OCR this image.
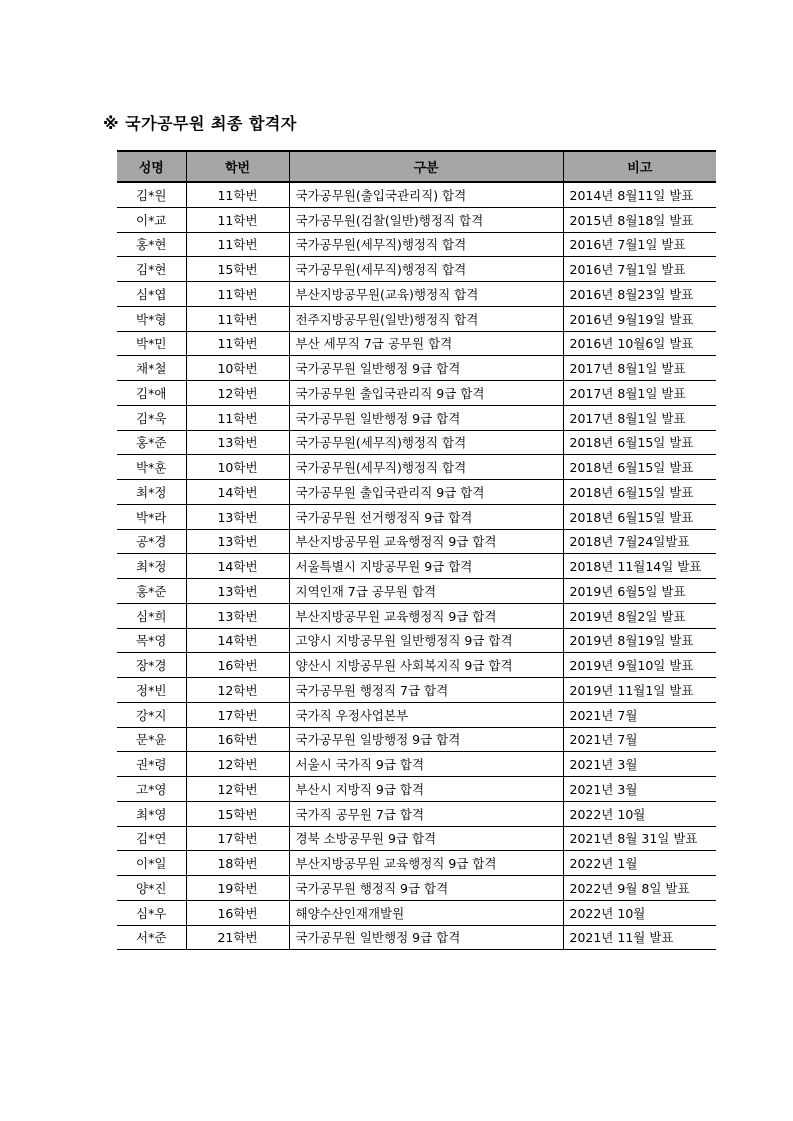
※ 국가공무원 최종 합격자
성명	학번	구분	비고
김*원	11학번	국가공무원(출입국관리직) 합격	2014년 8월11일 발표
이*교	11학번	국가공무원(검찰(일반)행정직 합격	2015년 8월18일 발표
홍*현	11학번	국가공무원(세무직)행정직 합격	2016년 7월1일 발표
김*현	15학번	국가공무원(세무직)행정직 합격	2016년 7월1일 발표
심*엽	11학번	부산지방공무원(교육)행정직 합격	2016년 8월23일 발표
박*형	11학번	전주지방공무원(일반)행정직 합격	2016년 9월19일 발표
박*민	11학번	부산 세무직 7급 공무원 합격	2016년 10월6일 발표
채*철	10학번	국가공무원 일반행정 9급 합격	2017년 8월1일 발표
김*애	12학번	국가공무원 출입국관리직 9급 합격	2017년 8월1일 발표
김*욱	11학번	국가공무원 일반행정 9급 합격	2017년 8월1일 발표
홍*준	13학번	국가공무원(세무직)행정직 합격	2018년 6월15일 발표
박*훈	10학번	국가공무원(세무직)행정직 합격	2018년 6월15일 발표
최*정	14학번	국가공무원 출입국관리직 9급 합격	2018년 6월15일 발표
박*라	13학번	국가공무원 선거행정직 9급 합격	2018년 6월15일 발표
공*경	13학번	부산지방공무원 교육행정직 9급 합격	2018년 7월24일발표
최*정	14학번	서울특별시 지방공무원 9급 합격	2018년 11월14일 발표
홍*준	13학번	지역인재 7급 공무원 합격	2019년 6월5일 발표
심*희	13학번	부산지방공무원 교육행정직 9급 합격	2019년 8월2일 발표
목*영	14학번	고양시 지방공무원 일반행정직 9급 합격	2019년 8월19일 발표
장*경	16학번	양산시 지방공무원 사회복지직 9급 합격	2019년 9월10일 발표
정*빈	12학번	국가공무원 행정직 7급 합격	2019년 11월1일 발표
강*지	17학번	국가직 우정사업본부	2021년 7월
문*윤	16학번	국가공무원 일방행정 9급 합격	2021년 7월
권*령	12학번	서울시 국가직 9급 합격	2021년 3월
고*영	12학번	부산시 지방직 9급 합격	2021년 3월
최*영	15학번	국가직 공무원 7급 합격	2022년 10월
김*연	17학번	경북 소방공무원 9급 합격	2021년 8월 31일 발표
이*일	18학번	부산지방공무원 교육행정직 9급 합격	2022년 1월
양*진	19학번	국가공무원 행정직 9급 합격	2022년 9월 8일 발표
심*우	16학번	해양수산인재개발원	2022년 10월
서*준	21학번	국가공무원 일반행정 9급 합격	2021년 11월 발표
